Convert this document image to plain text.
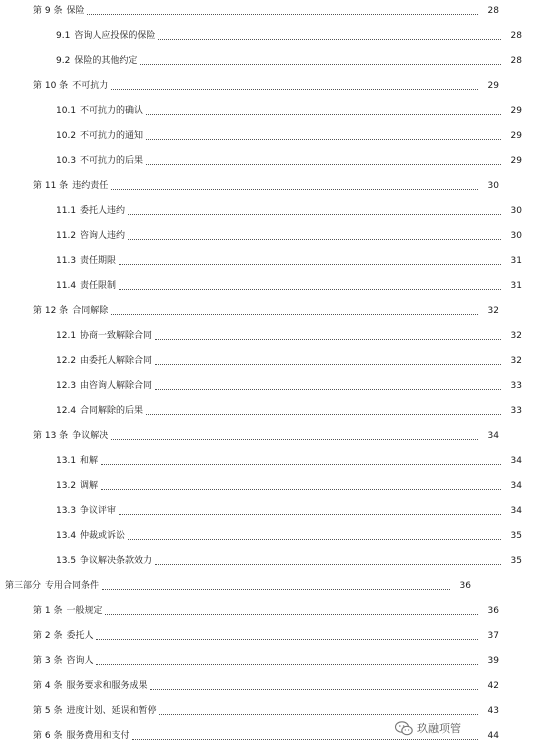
第 9 条 保险	28
9.1 咨询人应投保的保险	28
9.2 保险的其他约定	28
第 10 条 不可抗力	29
10.1 不可抗力的确认	29
10.2 不可抗力的通知	29
10.3 不可抗力的后果	29
第 11 条 违约责任	30
11.1 委托人违约	30
11.2 咨询人违约	30
11.3 责任期限	31
11.4 责任限制	31
第 12 条 合同解除	32
12.1 协商一致解除合同	32
12.2 由委托人解除合同	32
12.3 由咨询人解除合同	33
12.4 合同解除的后果	33
第 13 条 争议解决	34
13.1 和解	34
13.2 调解	34
13.3 争议评审	34
13.4 仲裁或诉讼	35
13.5 争议解决条款效力	35
第三部分 专用合同条件	36
第 1 条 一般规定	36
第 2 条 委托人	37
第 3 条 咨询人	39
第 4 条 服务要求和服务成果	42
第 5 条 进度计划、延误和暂停	43
第 6 条 服务费用和支付	44
玖融项管
